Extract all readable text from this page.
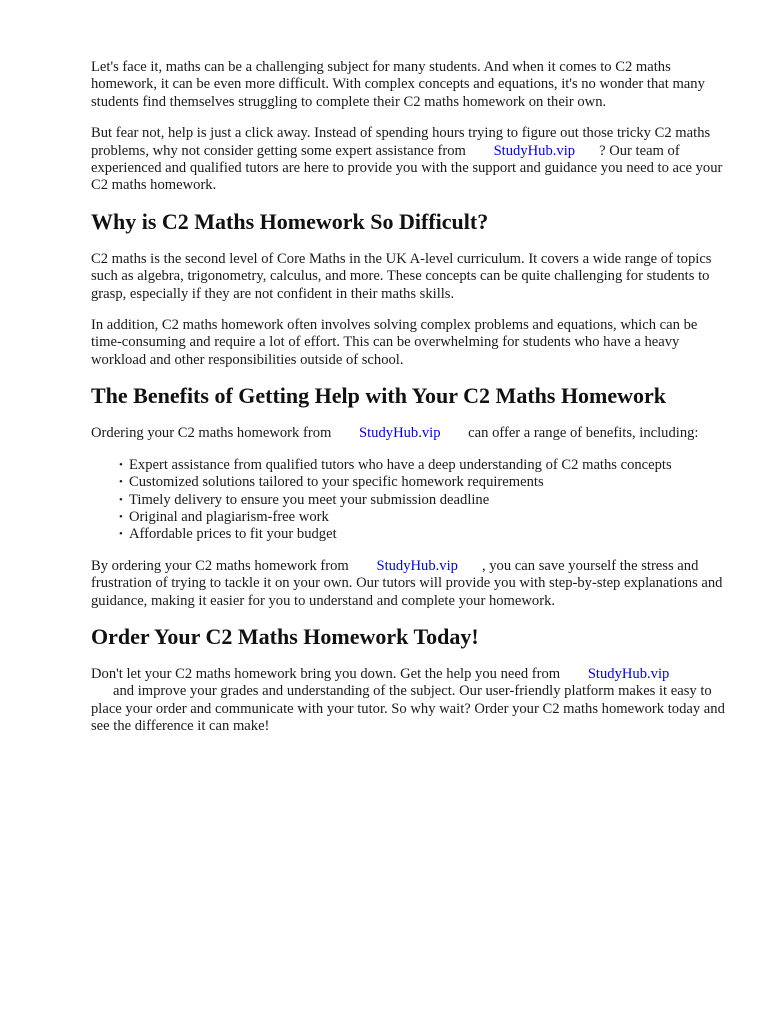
Let's face it, maths can be a challenging subject for many students. And when it comes to C2 maths homework, it can be even more difficult. With complex concepts and equations, it's no wonder that many students find themselves struggling to complete their C2 maths homework on their own.

But fear not, help is just a click away. Instead of spending hours trying to figure out those tricky C2 maths problems, why not consider getting some expert assistance from StudyHub.vip ? Our team of experienced and qualified tutors are here to provide you with the support and guidance you need to ace your C2 maths homework.

Why is C2 Maths Homework So Difficult?

C2 maths is the second level of Core Maths in the UK A-level curriculum. It covers a wide range of topics such as algebra, trigonometry, calculus, and more. These concepts can be quite challenging for students to grasp, especially if they are not confident in their maths skills.

In addition, C2 maths homework often involves solving complex problems and equations, which can be time-consuming and require a lot of effort. This can be overwhelming for students who have a heavy workload and other responsibilities outside of school.

The Benefits of Getting Help with Your C2 Maths Homework

Ordering your C2 maths homework from StudyHub.vip can offer a range of benefits, including:

• Expert assistance from qualified tutors who have a deep understanding of C2 maths concepts
• Customized solutions tailored to your specific homework requirements
• Timely delivery to ensure you meet your submission deadline
• Original and plagiarism-free work
• Affordable prices to fit your budget

By ordering your C2 maths homework from StudyHub.vip , you can save yourself the stress and frustration of trying to tackle it on your own. Our tutors will provide you with step-by-step explanations and guidance, making it easier for you to understand and complete your homework.

Order Your C2 Maths Homework Today!

Don't let your C2 maths homework bring you down. Get the help you need from StudyHub.vip
and improve your grades and understanding of the subject. Our user-friendly platform makes it easy to place your order and communicate with your tutor. So why wait? Order your C2 maths homework today and see the difference it can make!
